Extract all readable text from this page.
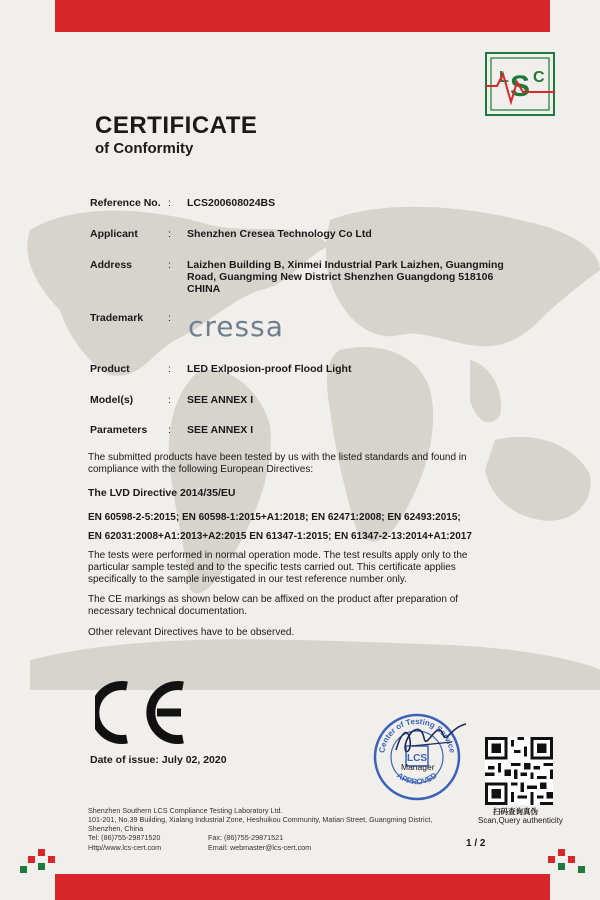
S
L C
CERTIFICATE
of Conformity
Reference No. : LCS200608024BS
Applicant	: Shenzhen Cresea Technology Co Ltd
Address	: Laizhen Building B, Xinmei Industrial Park Laizhen, Guangming
Road, Guangming New District Shenzhen Guangdong 518106
CHINA
Trademark	: cressa
Product	: LED Exlposion-proof Flood Light
Model(s)	: SEE ANNEX I
Parameters	: SEE ANNEX I
The submitted products have been tested by us with the listed standards and found in
compliance with the following European Directives:
The LVD Directive 2014/35/EU
EN 60598-2-5:2015; EN 60598-1:2015+A1:2018; EN 62471:2008; EN 62493:2015;
EN 62031:2008+A1:2013+A2:2015 EN 61347-1:2015; EN 61347-2-13:2014+A1:2017
The tests were performed in normal operation mode. The test results apply only to the
particular sample tested and to the specific tests carried out. This certificate applies
specifically to the sample investigated in our test reference number only.
The CE markings as shown below can be affixed on the product after preparation of
necessary technical documentation.
Other relevant Directives have to be observed.
Date of issue: July 02, 2020
Center of Testing Service
APPROVED
LCS
Manager
扫码查询真伪
Scan,Query authenticity
Shenzhen Southern LCS Compliance Testing Laboratory Ltd.
101-201, No.39 Building, Xialang Industrial Zone, Heshuikou Community, Matian Street, Guangming District,
Shenzhen, China
Tel: (86)755-29871520	Fax: (86)755-29871521
Http//www.lcs-cert.com	Email: webmaster@lcs-cert.com	1 / 2
